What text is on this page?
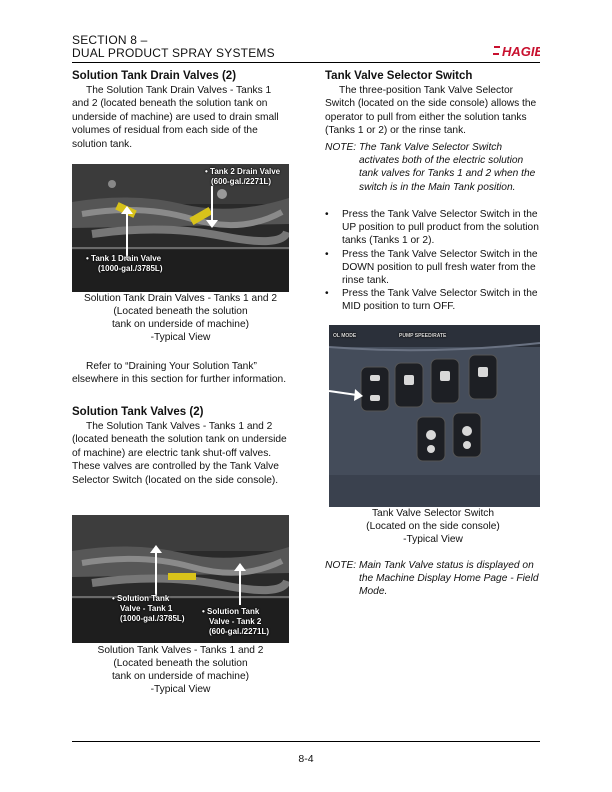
SECTION 8 –
DUAL PRODUCT SPRAY SYSTEMS	HAGIE
Solution Tank Drain Valves (2)

The Solution Tank Drain Valves - Tanks 1 and 2 (located beneath the solution tank on underside of machine) are used to drain small volumes of residual from each side of the solution tank.

• Tank 2 Drain Valve
(600-gal./2271L)
• Tank 1 Drain Valve
(1000-gal./3785L)

Solution Tank Drain Valves - Tanks 1 and 2

(Located beneath the solution

tank on underside of machine)

-Typical View

Refer to “Draining Your Solution Tank” elsewhere in this section for further information.

Solution Tank Valves (2)

The Solution Tank Valves - Tanks 1 and 2 (located beneath the solution tank on underside of machine) are electric tank shut-off valves. These valves are controlled by the Tank Valve Selector Switch (located on the side console).

• Solution Tank
Valve - Tank 1
(1000-gal./3785L)
• Solution Tank
Valve - Tank 2
(600-gal./2271L)

Solution Tank Valves - Tanks 1 and 2

(Located beneath the solution

tank on underside of machine)

-Typical View

Tank Valve Selector Switch

The three-position Tank Valve Selector Switch (located on the side console) allows the operator to pull from either the solution tanks (Tanks 1 or 2) or the rinse tank.

NOTE: The Tank Valve Selector Switch activates both of the electric solution tank valves for Tanks 1 and 2 when the switch is in the Main Tank position.

• Press the Tank Valve Selector Switch in the UP position to pull product from the solution tanks (Tanks 1 or 2).
• Press the Tank Valve Selector Switch in the DOWN position to pull fresh water from the rinse tank.
• Press the Tank Valve Selector Switch in the MID position to turn OFF.
OL MODE	PUMP SPEED/RATE

Tank Valve Selector Switch

(Located on the side console)

-Typical View

NOTE: Main Tank Valve status is displayed on the Machine Display Home Page - Field Mode.

8-4
